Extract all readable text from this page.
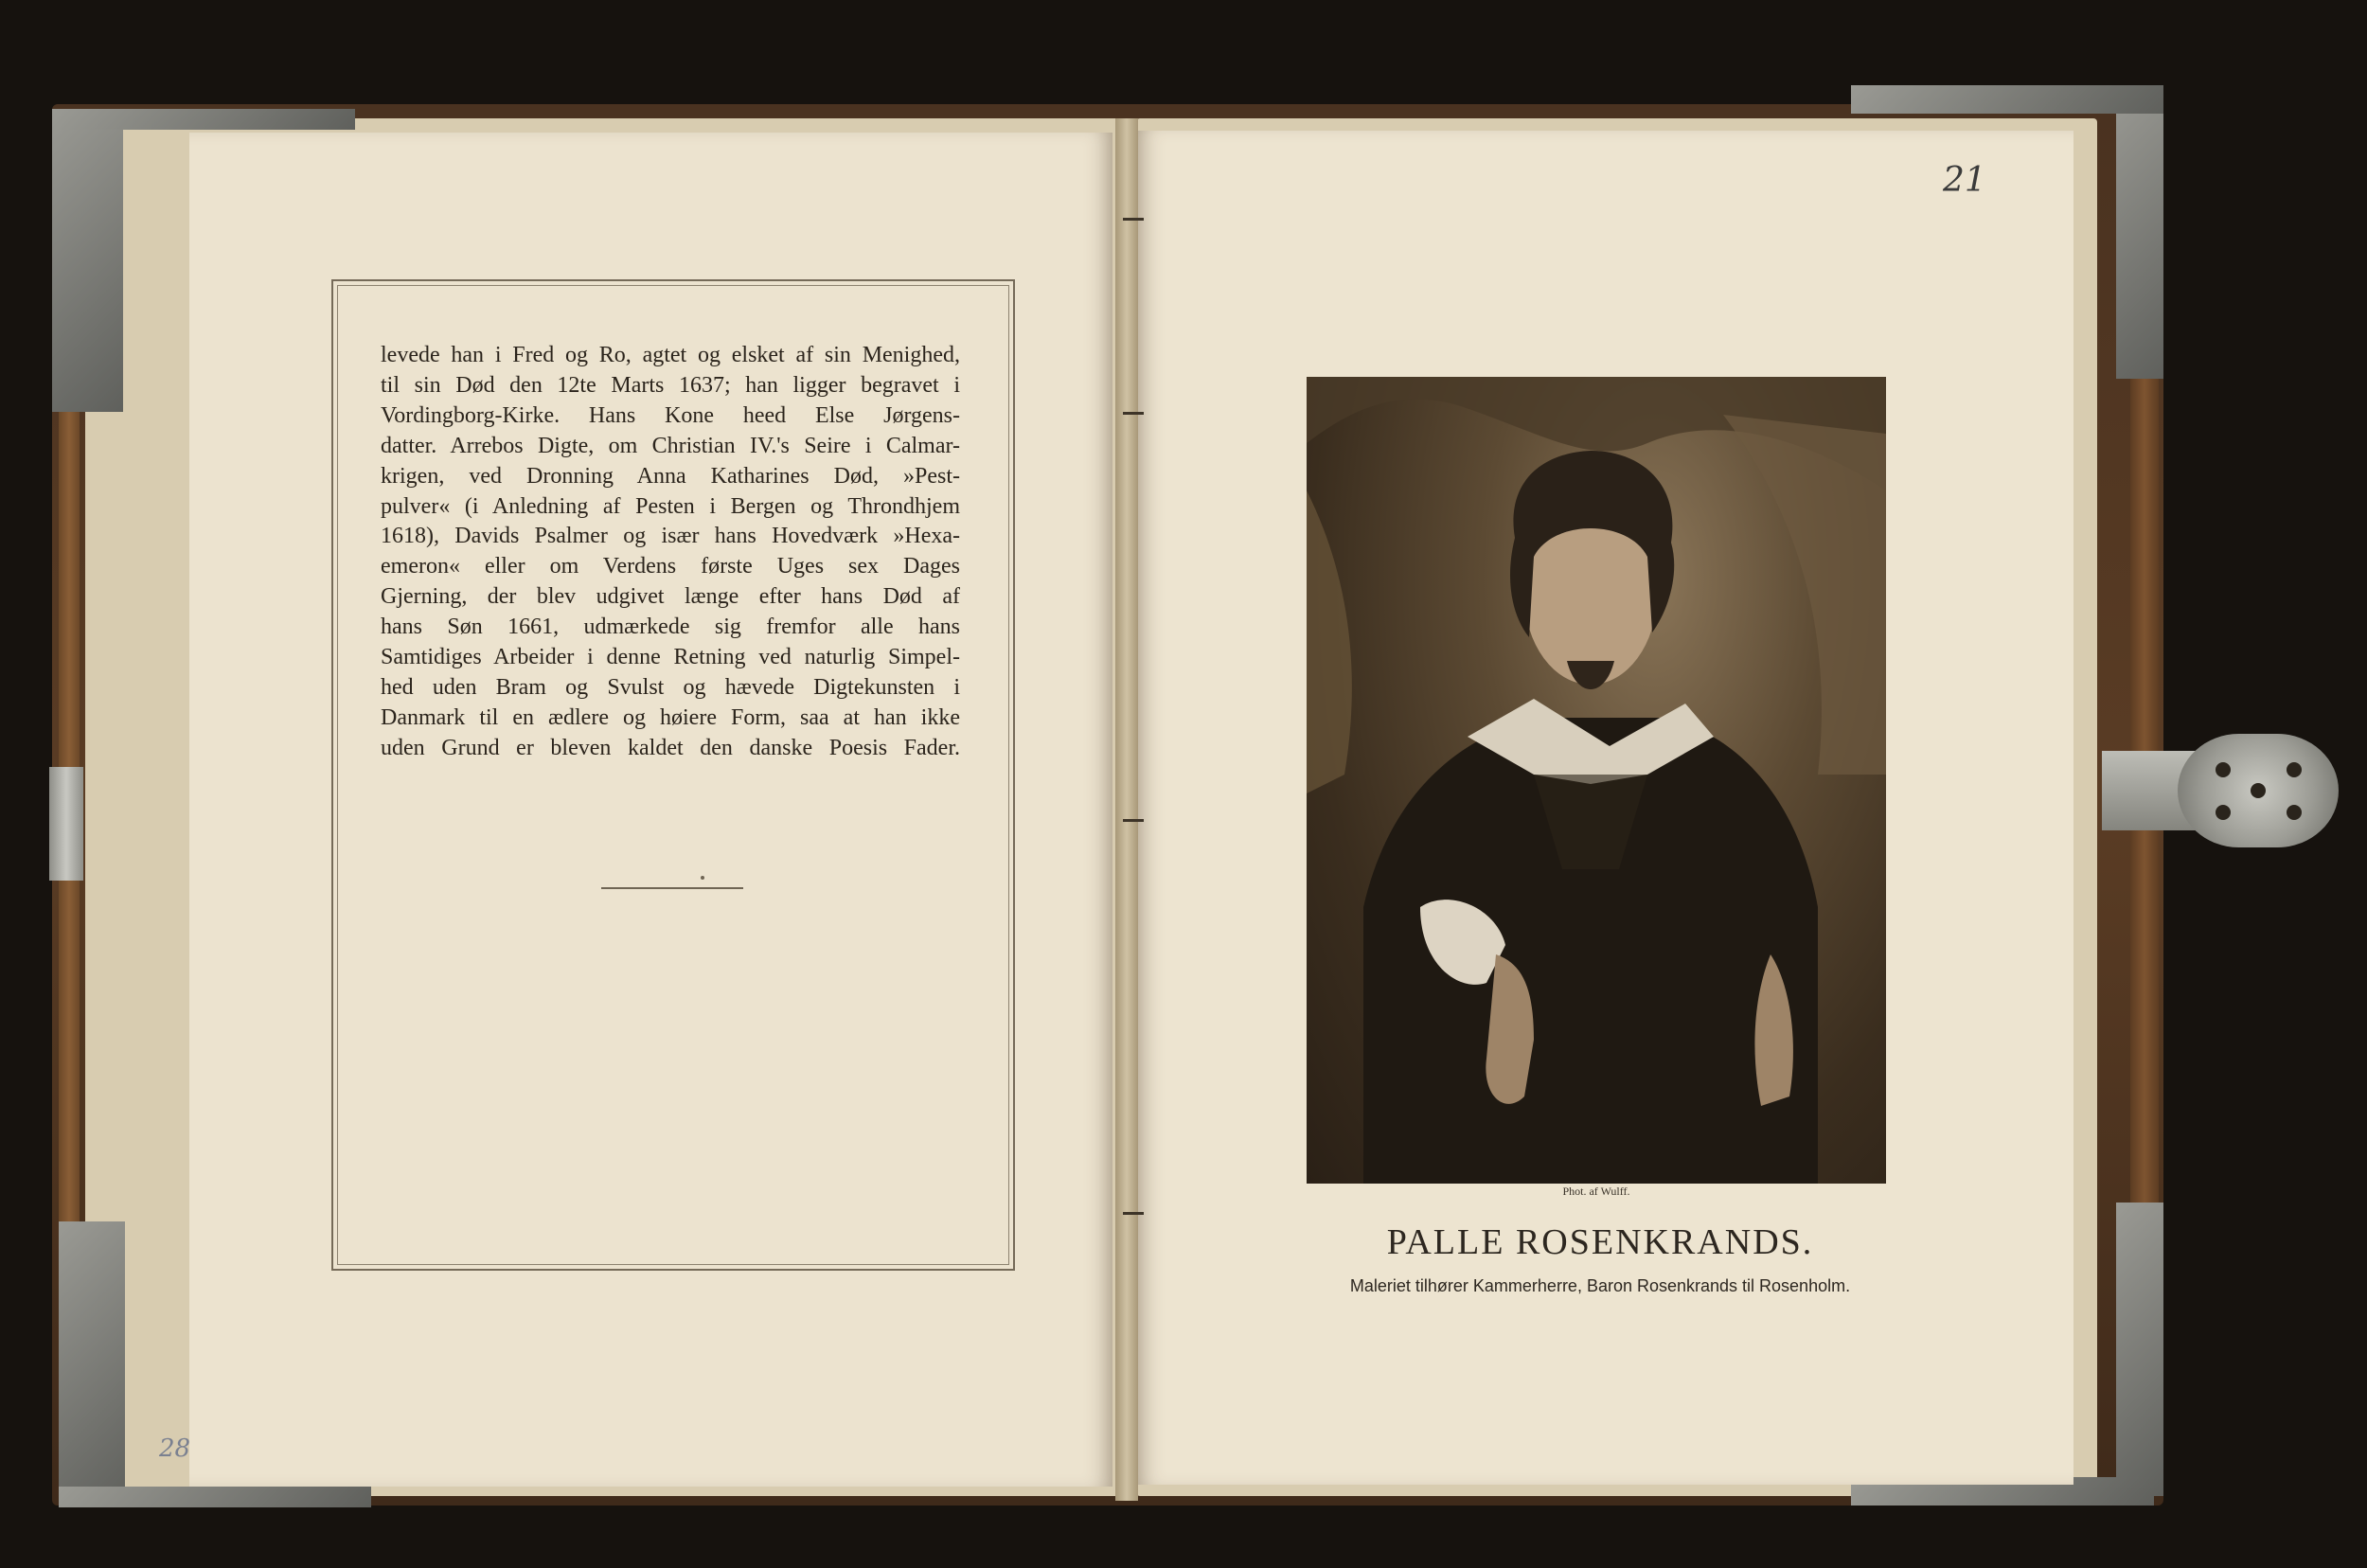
levede han i Fred og Ro, agtet og elsket af sin Menighed,
til sin Død den 12te Marts 1637; han ligger begravet i
Vordingborg-Kirke. Hans Kone heed Else Jørgens-
datter. Arrebos Digte, om Christian IV.'s Seire i Calmar-
krigen, ved Dronning Anna Katharines Død, »Pest-
pulver« (i Anledning af Pesten i Bergen og Throndhjem
1618), Davids Psalmer og især hans Hovedværk »Hexa-
emeron« eller om Verdens første Uges sex Dages
Gjerning, der blev udgivet længe efter hans Død af
hans Søn 1661, udmærkede sig fremfor alle hans
Samtidiges Arbeider i denne Retning ved naturlig Simpel-
hed uden Bram og Svulst og hævede Digtekunsten i
Danmark til en ædlere og høiere Form, saa at han ikke
uden Grund er bleven kaldet den danske Poesis Fader.
28
21
Phot. af Wulff.
PALLE ROSENKRANDS.
Maleriet tilhører Kammerherre, Baron Rosenkrands til Rosenholm.
